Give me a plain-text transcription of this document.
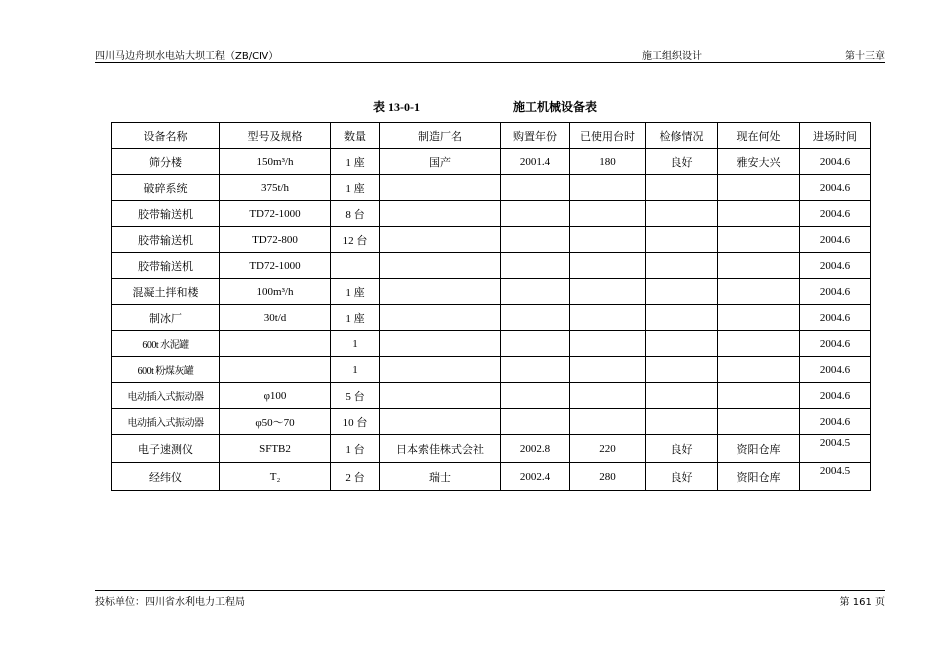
四川马边舟坝水电站大坝工程（ZB/CⅣ）	施工组织设计	第十三章
表 13-0-1	施工机械设备表
设备名称	型号及规格	数量	制造厂名	购置年份	已使用台时	检修情况	现在何处	进场时间
筛分楼	150m³/h	1 座	国产	2001.4	180	良好	雅安大兴	2004.6
破碎系统	375t/h	1 座						2004.6
胶带输送机	TD72-1000	8 台						2004.6
胶带输送机	TD72-800	12 台						2004.6
胶带输送机	TD72-1000							2004.6
混凝土拌和楼	100m³/h	1 座						2004.6
制冰厂	30t/d	1 座						2004.6
600t 水泥罐		1						2004.6
600t 粉煤灰罐		1						2004.6
电动插入式振动器	φ100	5 台						2004.6
电动插入式振动器	φ50～70	10 台						2004.6
电子速测仪	SFTB2	1 台	日本索佳株式会社	2002.8	220	良好	资阳仓库	2004.5
经纬仪	T₂	2 台	瑞士	2002.4	280	良好	资阳仓库	2004.5
投标单位：四川省水利电力工程局	第 161 页
